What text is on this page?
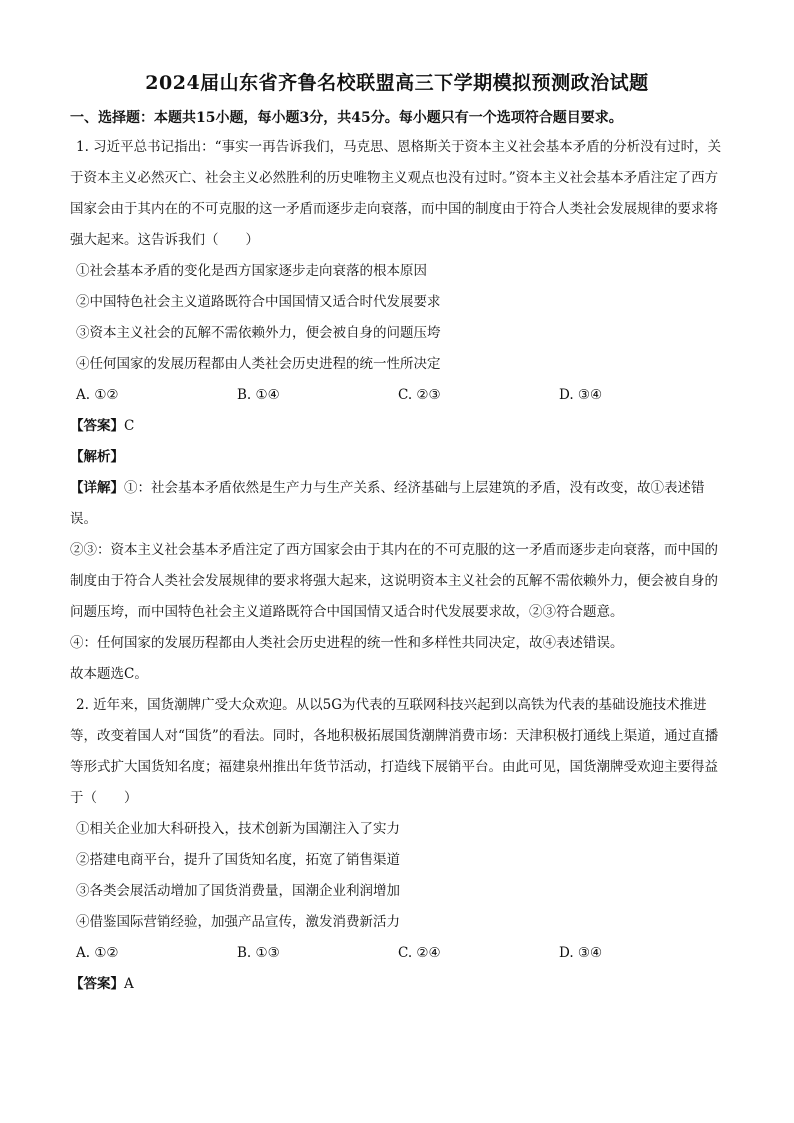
2024届山东省齐鲁名校联盟高三下学期模拟预测政治试题
一、选择题：本题共15小题，每小题3分，共45分。每小题只有一个选项符合题目要求。

1. 习近平总书记指出：“事实一再告诉我们，马克思、恩格斯关于资本主义社会基本矛盾的分析没有过时，关于资本主义必然灭亡、社会主义必然胜利的历史唯物主义观点也没有过时。”资本主义社会基本矛盾注定了西方国家会由于其内在的不可克服的这一矛盾而逐步走向衰落，而中国的制度由于符合人类社会发展规律的要求将强大起来。这告诉我们（　　）

①社会基本矛盾的变化是西方国家逐步走向衰落的根本原因

②中国特色社会主义道路既符合中国国情又适合时代发展要求

③资本主义社会的瓦解不需依赖外力，便会被自身的问题压垮

④任何国家的发展历程都由人类社会历史进程的统一性所决定

A. ①②	B. ①④	C. ②③	D. ③④

【答案】C

【解析】

【详解】①：社会基本矛盾依然是生产力与生产关系、经济基础与上层建筑的矛盾，没有改变，故①表述错误。

②③：资本主义社会基本矛盾注定了西方国家会由于其内在的不可克服的这一矛盾而逐步走向衰落，而中国的制度由于符合人类社会发展规律的要求将强大起来，这说明资本主义社会的瓦解不需依赖外力，便会被自身的问题压垮，而中国特色社会主义道路既符合中国国情又适合时代发展要求故，②③符合题意。

④：任何国家的发展历程都由人类社会历史进程的统一性和多样性共同决定，故④表述错误。

故本题选C。

2. 近年来，国货潮牌广受大众欢迎。从以5G为代表的互联网科技兴起到以高铁为代表的基础设施技术推进等，改变着国人对“国货”的看法。同时，各地积极拓展国货潮牌消费市场：天津积极打通线上渠道，通过直播等形式扩大国货知名度；福建泉州推出年货节活动，打造线下展销平台。由此可见，国货潮牌受欢迎主要得益于（　　）

①相关企业加大科研投入，技术创新为国潮注入了实力

②搭建电商平台，提升了国货知名度，拓宽了销售渠道

③各类会展活动增加了国货消费量，国潮企业利润增加

④借鉴国际营销经验，加强产品宣传，激发消费新活力

A. ①②	B. ①③	C. ②④	D. ③④

【答案】A
